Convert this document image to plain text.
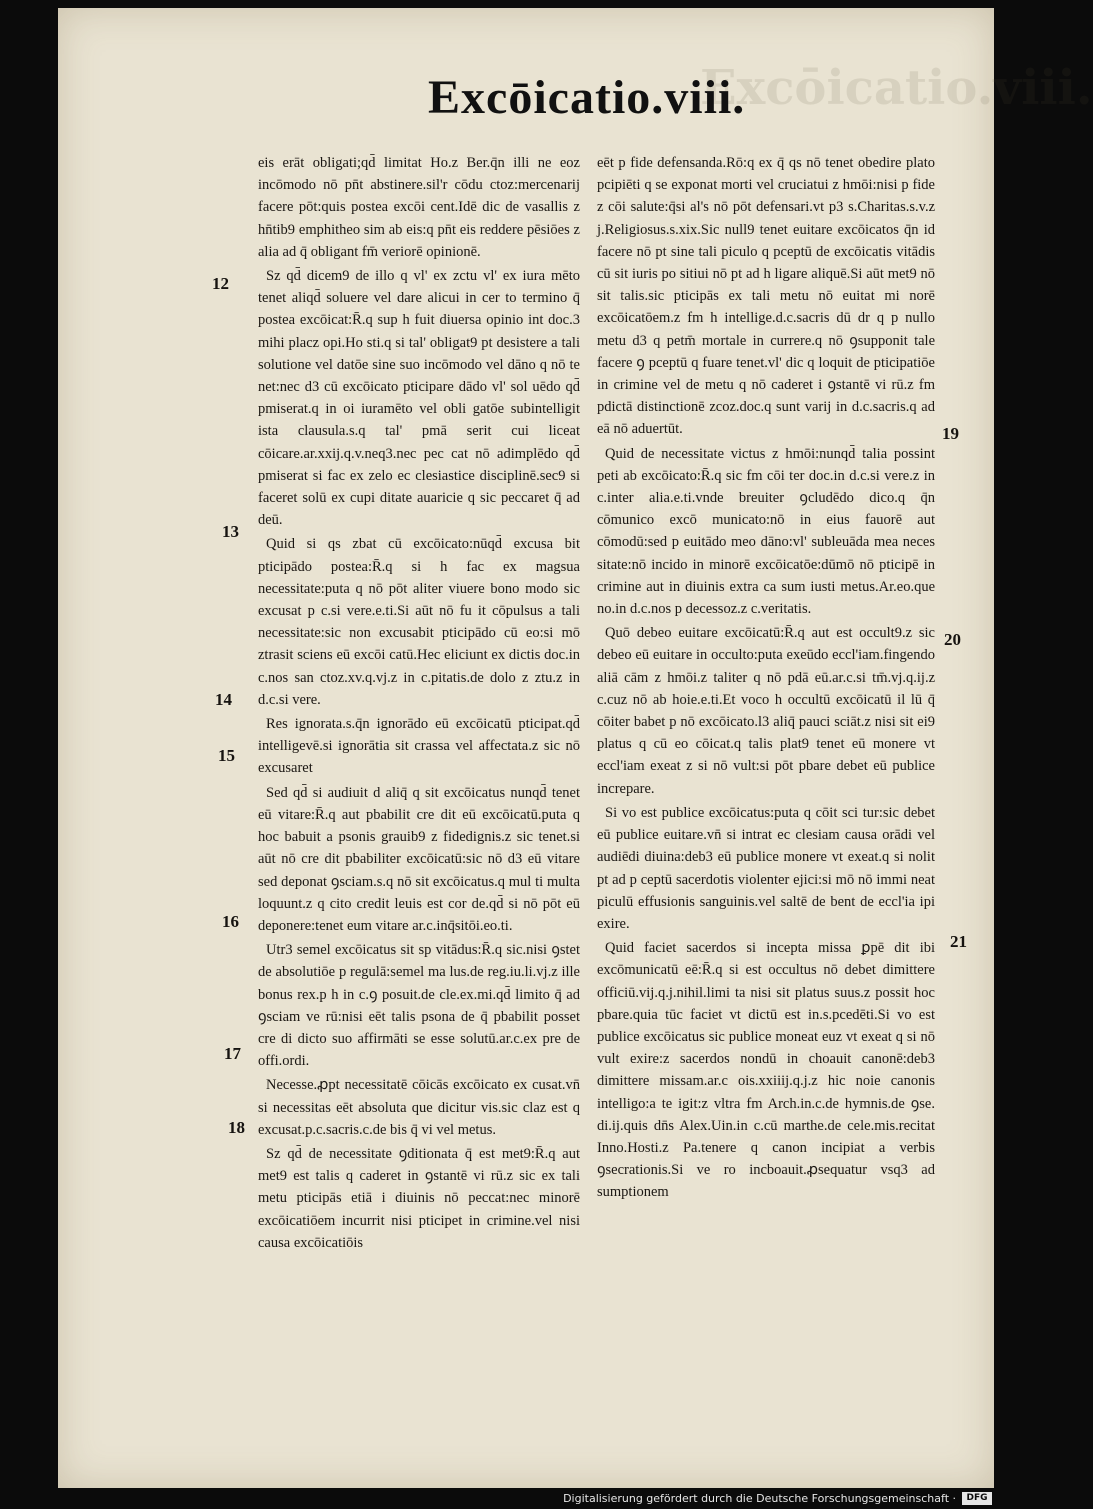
Excōicatio.viii.
Excōicatio.viii.

eis erāt obligati;qd̄ limitat Ho.z Ber.q̄n illi ne eoz incōmodo nō pn̄t abstinere.sil'r cōdu ctoz:mercenarij facere pōt:quis postea excōi cent.Idē dic de vasallis z hn̄tib9 emphitheo sim ab eis:q pn̄t eis reddere pēsiōes z alia ad q̄ obligant fm̄ veriorē opinionē.

Sz qd̄ dicem9 de illo q vl' ex zctu vl' ex iura mēto tenet aliqd̄ soluere vel dare alicui in cer to termino q̄ postea excōicat:R̄.q sup h fuit diuersa opinio int doc.3 mihi placz opi.Ho sti.q si tal' obligat9 pt desistere a tali solutione vel datōe sine suo incōmodo vel dāno q nō te net:nec d3 cū excōicato pticipare dādo vl' sol uēdo qd̄ pmiserat.q in oi iuramēto vel obli gatōe subintelligit ista clausula.s.q tal' pmā serit cui liceat cōicare.ar.xxij.q.v.neq3.nec pec cat nō adimplēdo qd̄ pmiserat si fac ex zelo ec clesiastice disciplinē.sec9 si faceret solū ex cupi ditate auaricie q sic peccaret q̄ ad deū.

Quid si qs zbat cū excōicato:nūqd̄ excusa bit pticipādo postea:R̄.q si h fac ex magsua necessitate:puta q nō pōt aliter viuere bono modo sic excusat p c.si vere.e.ti.Si aūt nō fu it cōpulsus a tali necessitate:sic non excusabit pticipādo cū eo:si mō ztrasit sciens eū excōi catū.Hec eliciunt ex dictis doc.in c.nos san ctoz.xv.q.vj.z in c.pitatis.de dolo z ztu.z in d.c.si vere.

Res ignorata.s.q̄n ignorādo eū excōicatū pticipat.qd̄ intelligevē.si ignorātia sit crassa vel affectata.z sic nō excusaret

Sed qd̄ si audiuit d aliq̄ q sit excōicatus nunqd̄ tenet eū vitare:R̄.q aut pbabilit cre dit eū excōicatū.puta q hoc babuit a psonis grauib9 z fidedignis.z sic tenet.si aūt nō cre dit pbabiliter excōicatū:sic nō d3 eū vitare sed deponat ꝯsciam.s.q nō sit excōicatus.q mul ti multa loquunt.z q cito credit leuis est cor de.qd̄ si nō pōt eū deponere:tenet eum vitare ar.c.inq̄sitōi.eo.ti.

Utr3 semel excōicatus sit sp vitādus:R̄.q sic.nisi ꝯstet de absolutiōe p regulā:semel ma lus.de reg.iu.li.vj.z ille bonus rex.p h in c.ꝯ posuit.de cle.ex.mi.qd̄ limito q̄ ad ꝯsciam ve rū:nisi eēt talis psona de q̄ pbabilit posset cre di dicto suo affirmāti se esse solutū.ar.c.ex pre de offi.ordi.

Necesse.ꝓpt necessitatē cōicās excōicato ex cusat.vn̄ si necessitas eēt absoluta que dicitur vis.sic claz est q excusat.p.c.sacris.c.de bis q̄ vi vel metus.

Sz qd̄ de necessitate ꝯditionata q̄ est met9:R̄.q aut met9 est talis q caderet in ꝯstantē vi rū.z sic ex tali metu pticipās etiā i diuinis nō peccat:nec minorē excōicatiōem incurrit nisi pticipet in crimine.vel nisi causa excōicatiōis

eēt p fide defensanda.Rō:q ex q̄ qs nō tenet obedire plato pcipiēti q se exponat morti vel cruciatui z hmōi:nisi p fide z cōi salute:q̄si al's nō pōt defensari.vt p3 s.Charitas.s.v.z j.Religiosus.s.xix.Sic null9 tenet euitare excōicatos q̄n id facere nō pt sine tali piculo q pceptū de excōicatis vitādis cū sit iuris po sitiui nō pt ad h ligare aliquē.Si aūt met9 nō sit talis.sic pticipās ex tali metu nō euitat mi norē excōicatōem.z fm h intellige.d.c.sacris dū dr q p nullo metu d3 q petm̄ mortale in currere.q nō ꝯsupponit tale facere ꝯ pceptū q fuare tenet.vl' dic q loquit de pticipatiōe in crimine vel de metu q nō caderet i ꝯstantē vi rū.z fm pdictā distinctionē zcoz.doc.q sunt varij in d.c.sacris.q ad eā nō aduertūt.

Quid de necessitate victus z hmōi:nunqd̄ talia possint peti ab excōicato:R̄.q sic fm cōi ter doc.in d.c.si vere.z in c.inter alia.e.ti.vnde breuiter ꝯcludēdo dico.q q̄n cōmunico excō municato:nō in eius fauorē aut cōmodū:sed p euitādo meo dāno:vl' subleuāda mea neces sitate:nō incido in minorē excōicatōe:dūmō nō pticipē in crimine aut in diuinis extra ca sum iusti metus.Ar.eo.que no.in d.c.nos p decessoz.z c.veritatis.

Quō debeo euitare excōicatū:R̄.q aut est occult9.z sic debeo eū euitare in occulto:puta exeūdo eccl'iam.fingendo aliā cām z hmōi.z taliter q nō pdā eū.ar.c.si tm̄.vj.q.ij.z c.cuz nō ab hoie.e.ti.Et voco h occultū excōicatū il lū q̄ cōiter babet p nō excōicato.l3 aliq̄ pauci sciāt.z nisi sit ei9 platus q cū eo cōicat.q talis plat9 tenet eū monere vt eccl'iam exeat z si nō vult:si pōt pbare debet eū publice increpare.

Si vo est publice excōicatus:puta q cōit sci tur:sic debet eū publice euitare.vn̄ si intrat ec clesiam causa orādi vel audiēdi diuina:deb3 eū publice monere vt exeat.q si nolit pt ad p ceptū sacerdotis violenter ejici:si mō nō immi neat piculū effusionis sanguinis.vel saltē de bent de eccl'ia ipi exire.

Quid faciet sacerdos si incepta missa ꝑpē dit ibi excōmunicatū eē:R̄.q si est occultus nō debet dimittere officiū.vij.q.j.nihil.limi ta nisi sit platus suus.z possit hoc pbare.quia tūc faciet vt dictū est in.s.pcedēti.Si vo est publice excōicatus sic publice moneat euz vt exeat q si nō vult exire:z sacerdos nondū in choauit canonē:deb3 dimittere missam.ar.c ois.xxiiij.q.j.z hic noie canonis intelligo:a te igit:z vltra fm Arch.in.c.de hymnis.de ꝯse. di.ij.quis dn̄s Alex.Uin.in c.cū marthe.de cele.mis.recitat Inno.Hosti.z Pa.tenere q canon incipiat a verbis ꝯsecrationis.Si ve ro incboauit.ꝓsequatur vsq3 ad sumptionem

12
13
14
15
16
17
18
19
20
21
Digitalisierung gefördert durch die Deutsche Forschungsgemeinschaft ·	DFG
